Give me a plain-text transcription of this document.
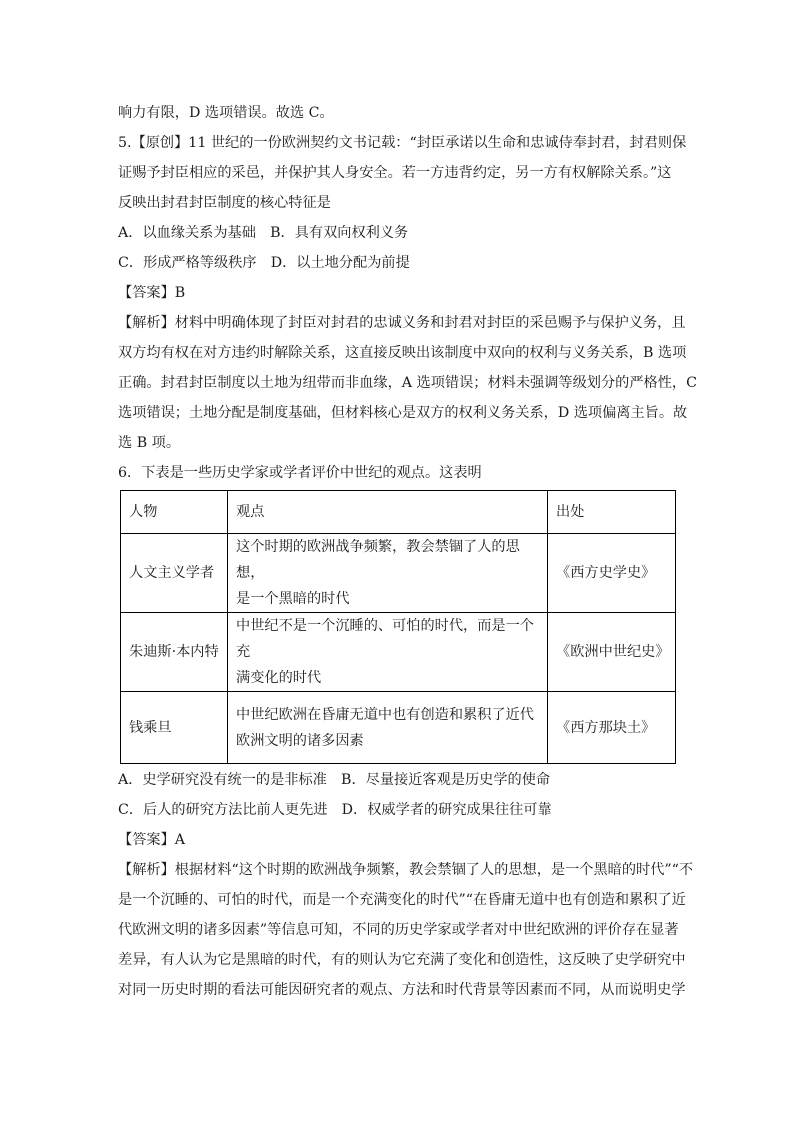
响力有限，D 选项错误。故选 C。
5.【原创】11 世纪的一份欧洲契约文书记载：“封臣承诺以生命和忠诚侍奉封君，封君则保
证赐予封臣相应的采邑，并保护其人身安全。若一方违背约定，另一方有权解除关系。”这
反映出封君封臣制度的核心特征是
A．以血缘关系为基础　B．具有双向权利义务
C．形成严格等级秩序　D．以土地分配为前提
【答案】B
【解析】材料中明确体现了封臣对封君的忠诚义务和封君对封臣的采邑赐予与保护义务，且
双方均有权在对方违约时解除关系，这直接反映出该制度中双向的权利与义务关系，B 选项
正确。封君封臣制度以土地为纽带而非血缘，A 选项错误；材料未强调等级划分的严格性，C
选项错误；土地分配是制度基础，但材料核心是双方的权利义务关系，D 选项偏离主旨。故
选 B 项。
6．下表是一些历史学家或学者评价中世纪的观点。这表明
人物	观点	出处
人文主义学者	这个时期的欧洲战争频繁，教会禁锢了人的思想，
是一个黑暗的时代	《西方史学史》
朱迪斯·本内特	中世纪不是一个沉睡的、可怕的时代，而是一个充
满变化的时代	《欧洲中世纪史》
钱乘旦	中世纪欧洲在昏庸无道中也有创造和累积了近代
欧洲文明的诸多因素	《西方那块土》
A．史学研究没有统一的是非标准　B．尽量接近客观是历史学的使命
C．后人的研究方法比前人更先进　D．权威学者的研究成果往往可靠
【答案】A
【解析】根据材料“这个时期的欧洲战争频繁，教会禁锢了人的思想，是一个黑暗的时代”“不
是一个沉睡的、可怕的时代，而是一个充满变化的时代”“在昏庸无道中也有创造和累积了近
代欧洲文明的诸多因素”等信息可知，不同的历史学家或学者对中世纪欧洲的评价存在显著
差异，有人认为它是黑暗的时代，有的则认为它充满了变化和创造性，这反映了史学研究中
对同一历史时期的看法可能因研究者的观点、方法和时代背景等因素而不同，从而说明史学
